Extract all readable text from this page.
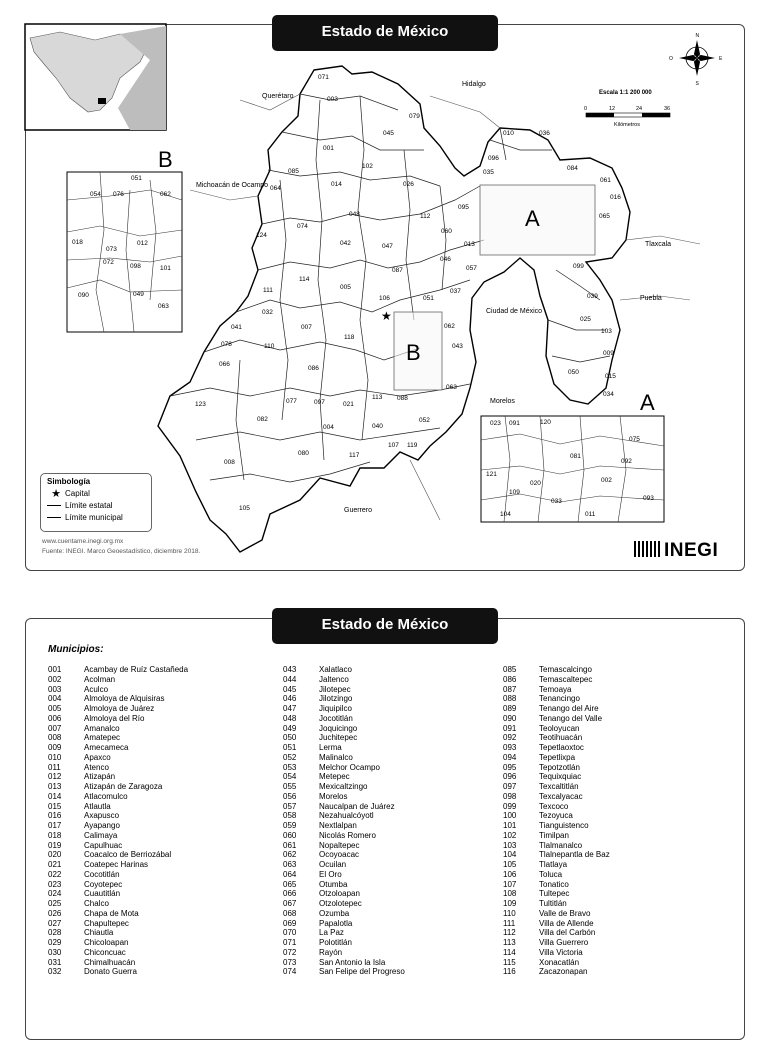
Estado de México
★
Querétaro
Hidalgo
Michoacán de Ocampo
Tlaxcala
Puebla
Ciudad de México
Morelos
Guerrero
071
003
079
045
001
102
026
085
064
014
048	112
095
060
074
042	047
124
114
005
087
046
057
111
106	051
037
032
007
118
041
078	110
062
043
066
086
063
123	077	097	021
113 088
082
004	040
052
080	117
107 119
008
105
010	036
096
035
084
061
016
065
013
099
039
025
103
009
015
050
034
051
054 076	062
018
073
012
098	101
090	049
063
072
B
B
023 091	120
075
081
092
121
109
020	002
033	093
104	011
A
A
N
S
E
O
Escala 1:1 200 000
0	12	24	36
Kilómetros
Simbología
★ Capital
Límite estatal
Límite municipal
www.cuentame.inegi.org.mx
Fuente: INEGI. Marco Geoestadístico, diciembre 2018.	INEGI
Estado de México
Municipios:
001	Acambay de Ruíz Castañeda
002	Acolman
003	Aculco
004	Almoloya de Alquisiras
005	Almoloya de Juárez
006	Almoloya del Río
007	Amanalco
008	Amatepec
009	Amecameca
010	Apaxco
011	Atenco
012	Atizapán
013	Atizapán de Zaragoza
014	Atlacomulco
015	Atlautla
016	Axapusco
017	Ayapango
018	Calimaya
019	Capulhuac
020	Coacalco de Berriozábal
021	Coatepec Harinas
022	Cocotitlán
023	Coyotepec
024	Cuautitlán
025	Chalco
026	Chapa de Mota
027	Chapultepec
028	Chiautla
029	Chicoloapan
030	Chiconcuac
031	Chimalhuacán
032	Donato Guerra
043	Xalatlaco
044	Jaltenco
045	Jilotepec
046	Jilotzingo
047	Jiquipilco
048	Jocotitlán
049	Joquicingo
050	Juchitepec
051	Lerma
052	Malinalco
053	Melchor Ocampo
054	Metepec
055	Mexicaltzingo
056	Morelos
057	Naucalpan de Juárez
058	Nezahualcóyotl
059	Nextlalpan
060	Nicolás Romero
061	Nopaltepec
062	Ocoyoacac
063	Ocuilan
064	El Oro
065	Otumba
066	Otzoloapan
067	Otzolotepec
068	Ozumba
069	Papalotla
070	La Paz
071	Polotitlán
072	Rayón
073	San Antonio la Isla
074	San Felipe del Progreso
085	Temascalcingo
086	Temascaltepec
087	Temoaya
088	Tenancingo
089	Tenango del Aire
090	Tenango del Valle
091	Teoloyucan
092	Teotihuacán
093	Tepetlaoxtoc
094	Tepetlixpa
095	Tepotzotlán
096	Tequixquiac
097	Texcaltitlán
098	Texcalyacac
099	Texcoco
100	Tezoyuca
101	Tianguistenco
102	Timilpan
103	Tlalmanalco
104	Tlalnepantla de Baz
105	Tlatlaya
106	Toluca
107	Tonatico
108	Tultepec
109	Tultitlán
110	Valle de Bravo
111	Villa de Allende
112	Villa del Carbón
113	Villa Guerrero
114	Villa Victoria
115	Xonacatlán
116	Zacazonapan
